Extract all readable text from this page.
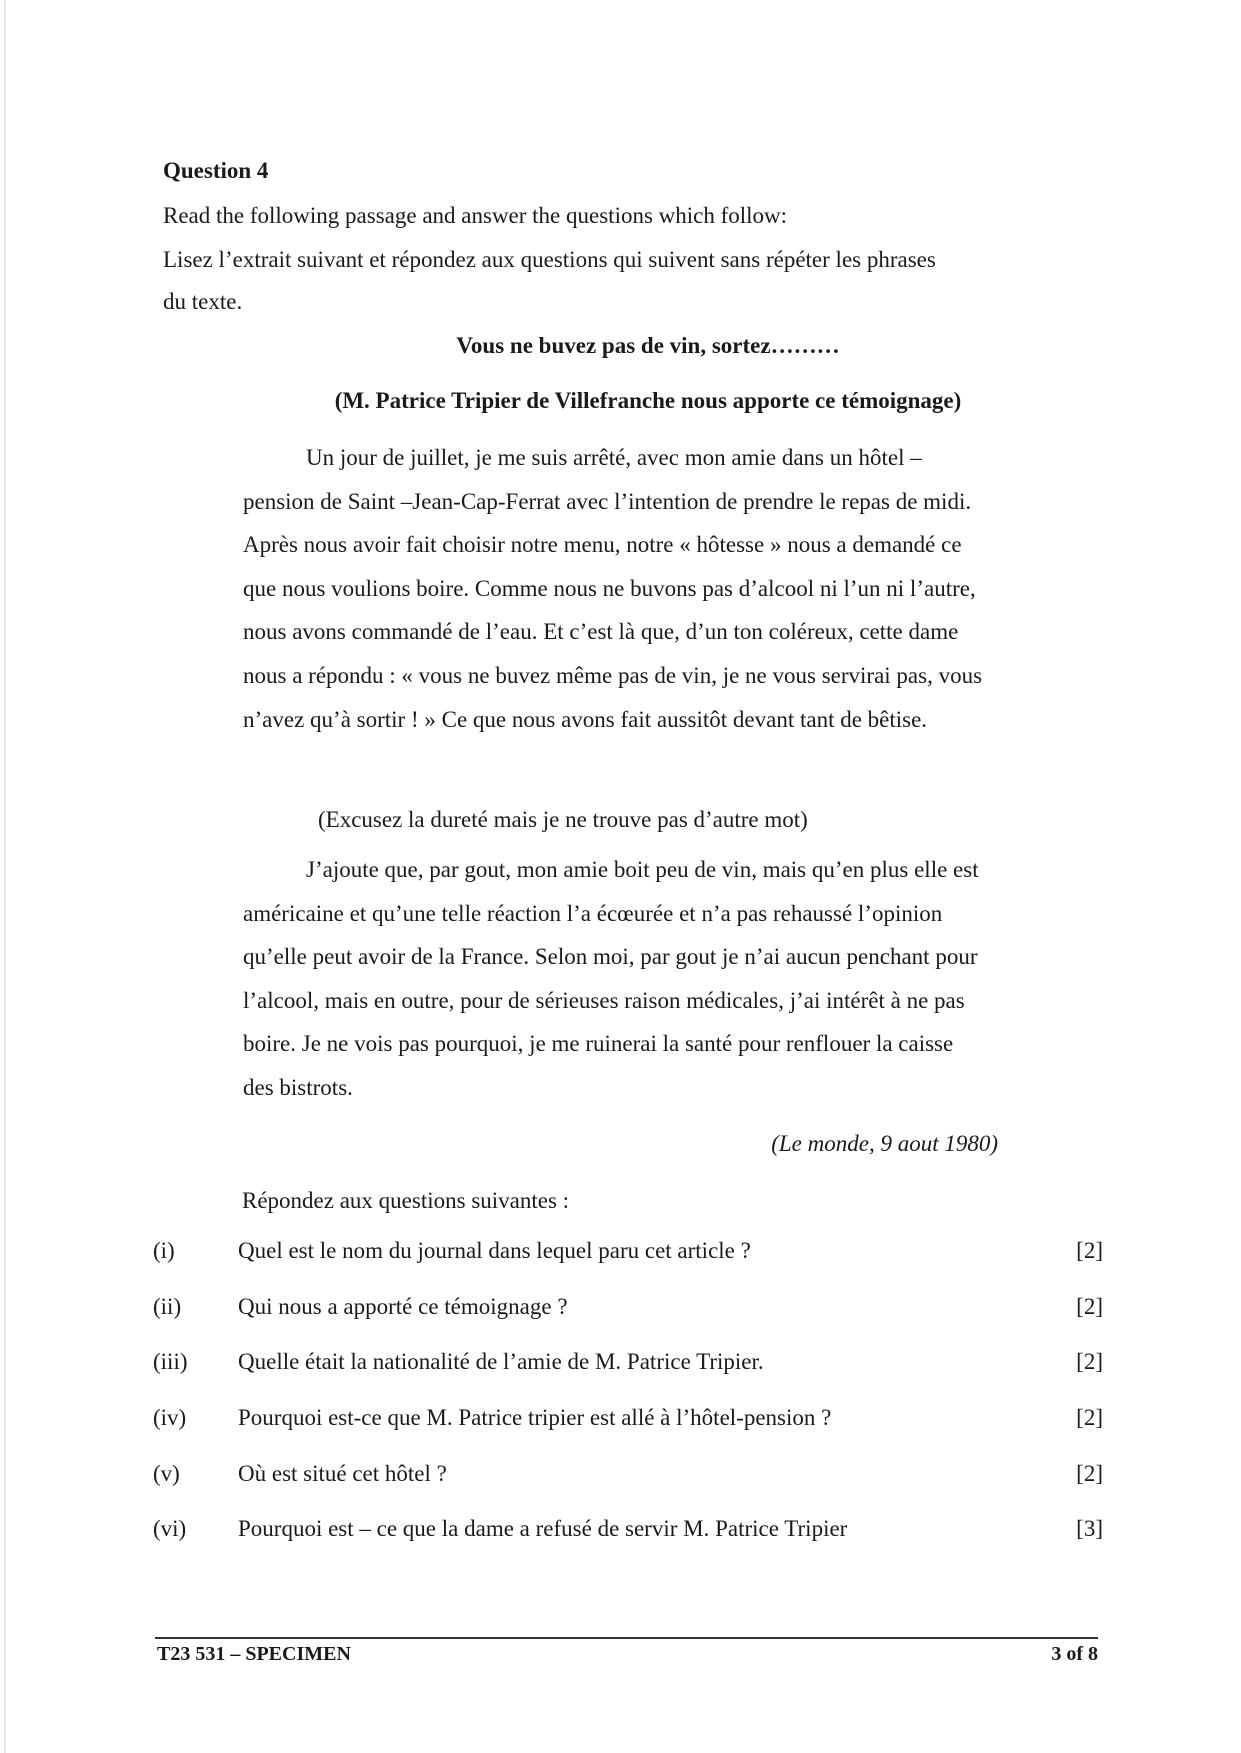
Question 4
Read the following passage and answer the questions which follow:
Lisez l’extrait suivant et répondez aux questions qui suivent sans répéter les phrases
du texte.
Vous ne buvez pas de vin, sortez………
(M. Patrice Tripier de Villefranche nous apporte ce témoignage)

Un jour de juillet, je me suis arrêté, avec mon amie dans un hôtel – pension de Saint –Jean-Cap-Ferrat avec l’intention de prendre le repas de midi. Après nous avoir fait choisir notre menu, notre « hôtesse » nous a demandé ce que nous voulions boire. Comme nous ne buvons pas d’alcool ni l’un ni l’autre, nous avons commandé de l’eau. Et c’est là que, d’un ton coléreux, cette dame nous a répondu : « vous ne buvez même pas de vin, je ne vous servirai pas, vous n’avez qu’à sortir ! » Ce que nous avons fait aussitôt devant tant de bêtise.

(Excusez la dureté mais je ne trouve pas d’autre mot)

J’ajoute que, par gout, mon amie boit peu de vin, mais qu’en plus elle est américaine et qu’une telle réaction l’a écœurée et n’a pas rehaussé l’opinion qu’elle peut avoir de la France. Selon moi, par gout je n’ai aucun penchant pour l’alcool, mais en outre, pour de sérieuses raison médicales, j’ai intérêt à ne pas boire. Je ne vois pas pourquoi, je me ruinerai la santé pour renflouer la caisse des bistrots.

(Le monde, 9 aout 1980)
Répondez aux questions suivantes :
(i)	Quel est le nom du journal dans lequel paru cet article ?	[2]
(ii) Qui nous a apporté ce témoignage ?	[2]
(iii) Quelle était la nationalité de l’amie de M. Patrice Tripier.	[2]
(iv) Pourquoi est-ce que M. Patrice tripier est allé à l’hôtel-pension ?	[2]
(v)	Où est situé cet hôtel ?	[2]
(vi) Pourquoi est – ce que la dame a refusé de servir M. Patrice Tripier	[3]
T23 531 – SPECIMEN	3 of 8
